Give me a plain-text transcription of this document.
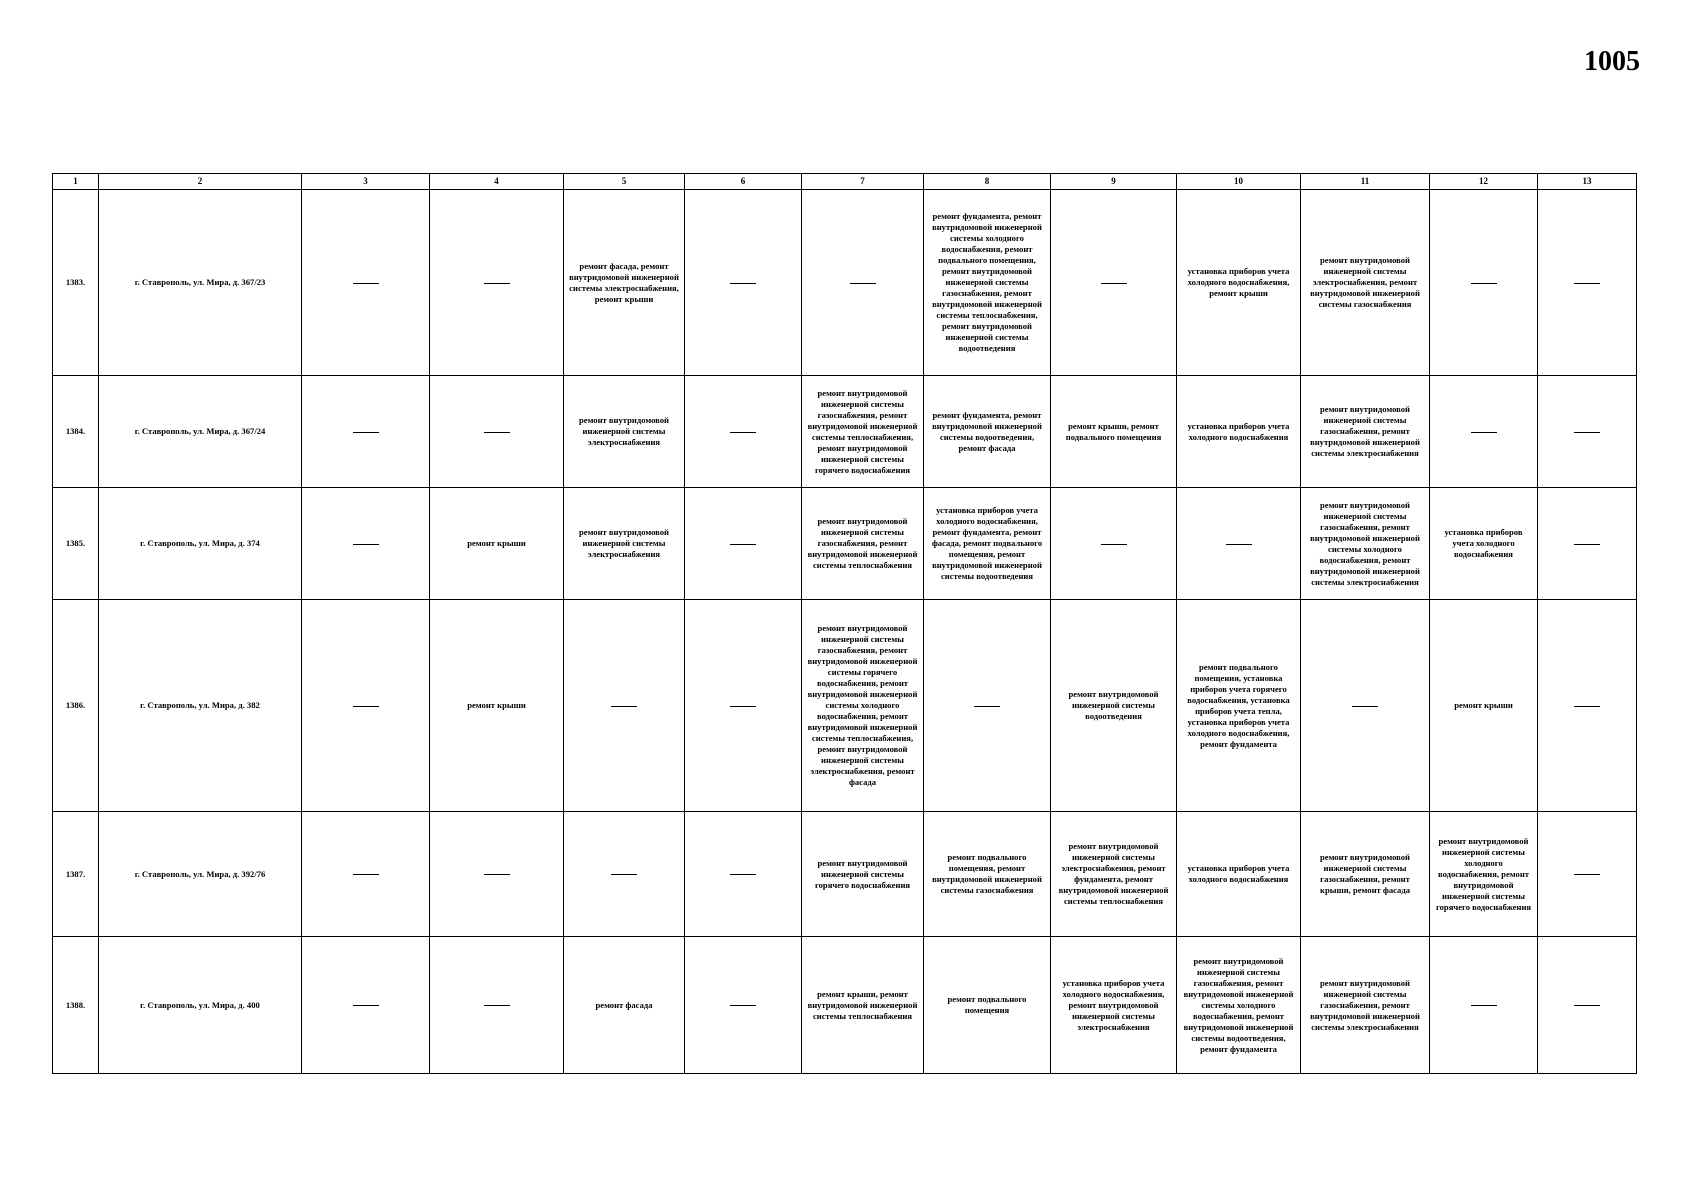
1005
1	2	3	4	5	6	7	8	9	10	11	12	13
1383.	г. Ставрополь, ул. Мира, д. 367/23			ремонт фасада, ремонт внутридомовой инженерной системы электроснабжения, ремонт крыши			ремонт фундамента, ремонт внутридомовой инженерной системы холодного водоснабжения, ремонт подвального помещения, ремонт внутридомовой инженерной системы газоснабжения, ремонт внутридомовой инженерной системы теплоснабжения, ремонт внутридомовой инженерной системы водоотведения		установка приборов учета холодного водоснабжения, ремонт крыши	ремонт внутридомовой инженерной системы электроснабжения, ремонт внутридомовой инженерной системы газоснабжения		
1384.	г. Ставрополь, ул. Мира, д. 367/24			ремонт внутридомовой инженерной системы электроснабжения		ремонт внутридомовой инженерной системы газоснабжения, ремонт внутридомовой инженерной системы теплоснабжения, ремонт внутридомовой инженерной системы горячего водоснабжения	ремонт фундамента, ремонт внутридомовой инженерной системы водоотведения, ремонт фасада	ремонт крыши, ремонт подвального помещения	установка приборов учета холодного водоснабжения	ремонт внутридомовой инженерной системы газоснабжения, ремонт внутридомовой инженерной системы электроснабжения		
1385.	г. Ставрополь, ул. Мира, д. 374		ремонт крыши	ремонт внутридомовой инженерной системы электроснабжения		ремонт внутридомовой инженерной системы газоснабжения, ремонт внутридомовой инженерной системы теплоснабжения	установка приборов учета холодного водоснабжения, ремонт фундамента, ремонт фасада, ремонт подвального помещения, ремонт внутридомовой инженерной системы водоотведения			ремонт внутридомовой инженерной системы газоснабжения, ремонт внутридомовой инженерной системы холодного водоснабжения, ремонт внутридомовой инженерной системы электроснабжения	установка приборов учета холодного водоснабжения	
1386.	г. Ставрополь, ул. Мира, д. 382		ремонт крыши			ремонт внутридомовой инженерной системы газоснабжения, ремонт внутридомовой инженерной системы горячего водоснабжения, ремонт внутридомовой инженерной системы холодного водоснабжения, ремонт внутридомовой инженерной системы теплоснабжения, ремонт внутридомовой инженерной системы электроснабжения, ремонт фасада		ремонт внутридомовой инженерной системы водоотведения	ремонт подвального помещения, установка приборов учета горячего водоснабжения, установка приборов учета тепла, установка приборов учета холодного водоснабжения, ремонт фундамента		ремонт крыши	
1387.	г. Ставрополь, ул. Мира, д. 392/76					ремонт внутридомовой инженерной системы горячего водоснабжения	ремонт подвального помещения, ремонт внутридомовой инженерной системы газоснабжения	ремонт внутридомовой инженерной системы электроснабжения, ремонт фундамента, ремонт внутридомовой инженерной системы теплоснабжения	установка приборов учета холодного водоснабжения	ремонт внутридомовой инженерной системы газоснабжения, ремонт крыши, ремонт фасада	ремонт внутридомовой инженерной системы холодного водоснабжения, ремонт внутридомовой инженерной системы горячего водоснабжения	
1388.	г. Ставрополь, ул. Мира, д. 400			ремонт фасада		ремонт крыши, ремонт внутридомовой инженерной системы теплоснабжения	ремонт подвального помещения	установка приборов учета холодного водоснабжения, ремонт внутридомовой инженерной системы электроснабжения	ремонт внутридомовой инженерной системы газоснабжения, ремонт внутридомовой инженерной системы холодного водоснабжения, ремонт внутридомовой инженерной системы водоотведения, ремонт фундамента	ремонт внутридомовой инженерной системы газоснабжения, ремонт внутридомовой инженерной системы электроснабжения		
